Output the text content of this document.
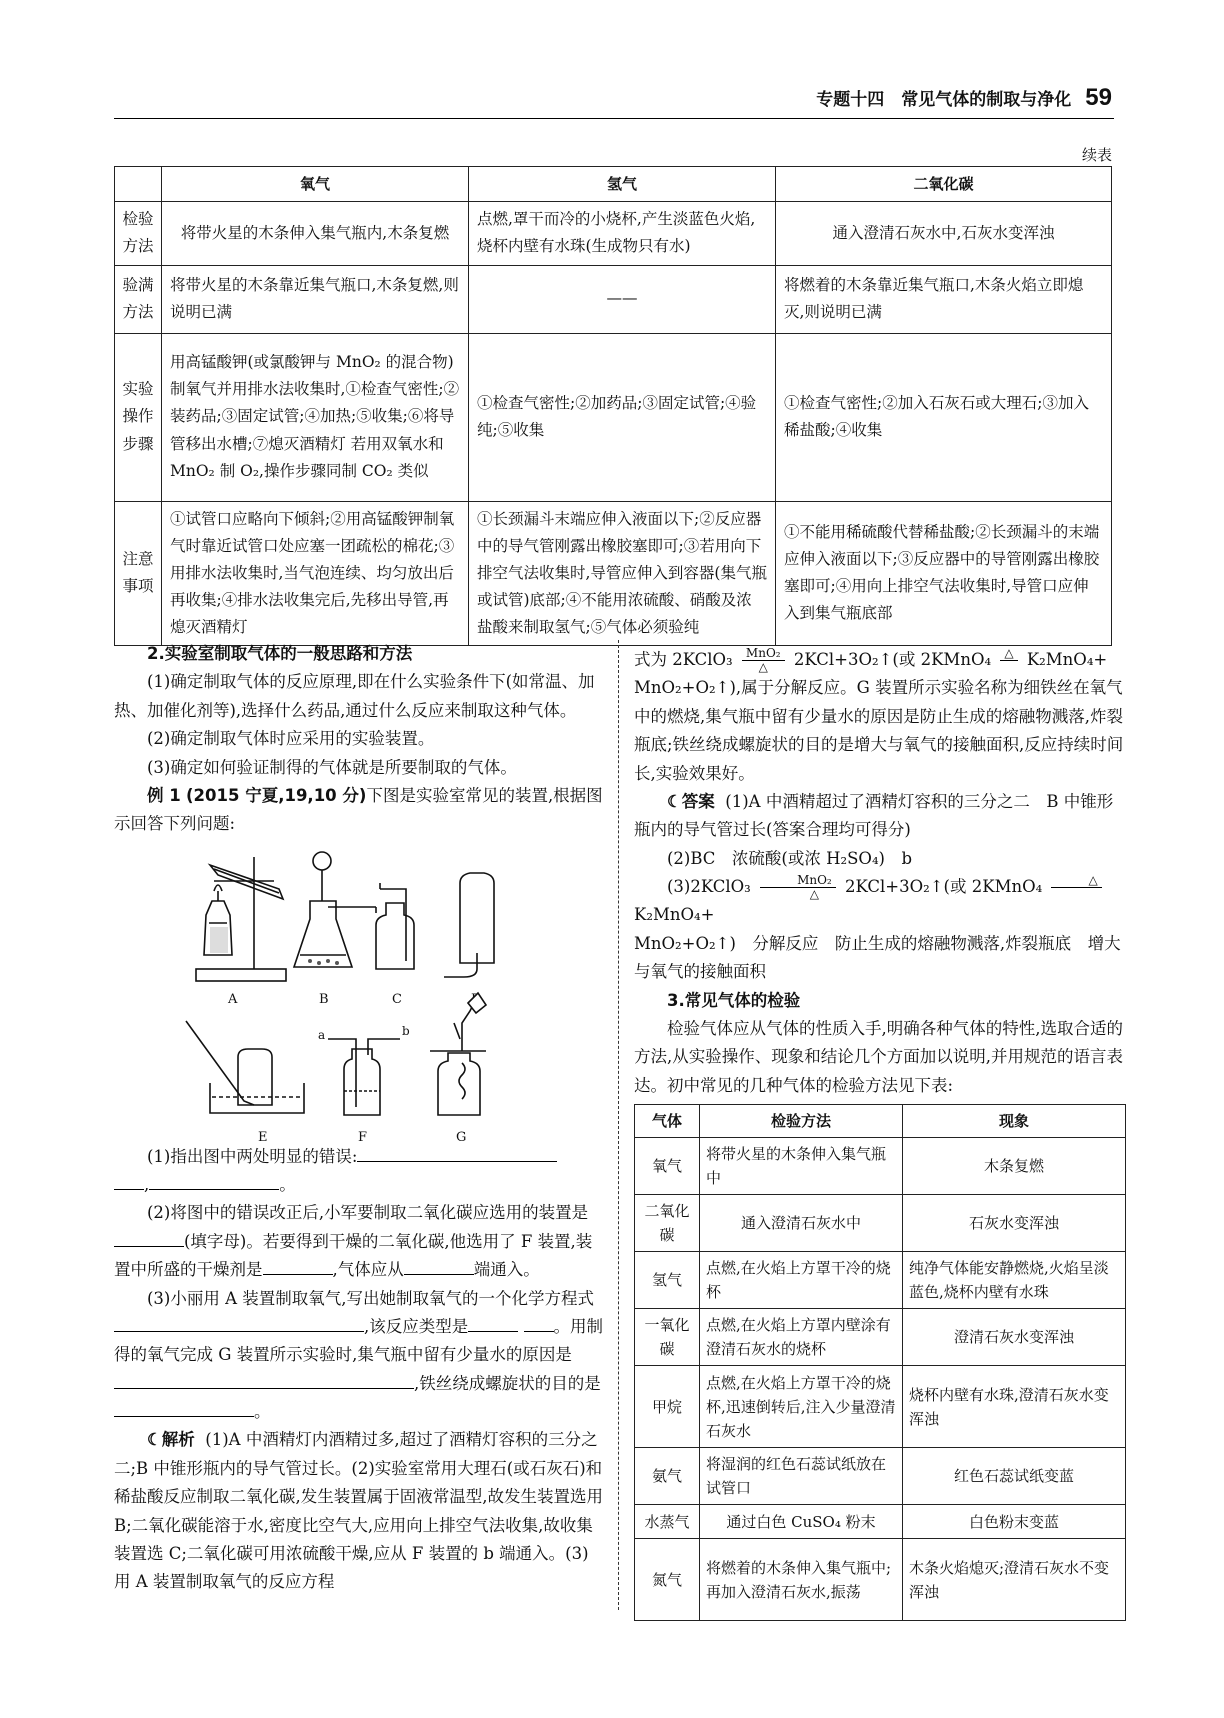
专题十四　常见气体的制取与净化 59
续表
	氧气	氢气	二氧化碳
检验方法	将带火星的木条伸入集气瓶内,木条复燃	点燃,罩干而冷的小烧杯,产生淡蓝色火焰,烧杯内壁有水珠(生成物只有水)	通入澄清石灰水中,石灰水变浑浊
验满方法	将带火星的木条靠近集气瓶口,木条复燃,则说明已满	——	将燃着的木条靠近集气瓶口,木条火焰立即熄灭,则说明已满
实验操作步骤	用高锰酸钾(或氯酸钾与 MnO₂ 的混合物)制氧气并用排水法收集时,①检查气密性;②装药品;③固定试管;④加热;⑤收集;⑥将导管移出水槽;⑦熄灭酒精灯 若用双氧水和 MnO₂ 制 O₂,操作步骤同制 CO₂ 类似	①检查气密性;②加药品;③固定试管;④验纯;⑤收集	①检查气密性;②加入石灰石或大理石;③加入稀盐酸;④收集
注意事项	①试管口应略向下倾斜;②用高锰酸钾制氧气时靠近试管口处应塞一团疏松的棉花;③用排水法收集时,当气泡连续、均匀放出后再收集;④排水法收集完后,先移出导管,再熄灭酒精灯	①长颈漏斗末端应伸入液面以下;②反应器中的导气管刚露出橡胶塞即可;③若用向下排空气法收集时,导管应伸入到容器(集气瓶或试管)底部;④不能用浓硫酸、硝酸及浓盐酸来制取氢气;⑤气体必须验纯	①不能用稀硫酸代替稀盐酸;②长颈漏斗的末端应伸入液面以下;③反应器中的导管刚露出橡胶塞即可;④用向上排空气法收集时,导管口应伸入到集气瓶底部

2.实验室制取气体的一般思路和方法

(1)确定制取气体的反应原理,即在什么实验条件下(如常温、加热、加催化剂等),选择什么药品,通过什么反应来制取这种气体。

(2)确定制取气体时应采用的实验装置。

(3)确定如何验证制得的气体就是所要制取的气体。

例 1 (2015 宁夏,19,10 分)下图是实验室常见的装置,根据图示回答下列问题:

A	B	C
a	b
E	F	G

(1)指出图中两处明显的错误:

,	。

(2)将图中的错误改正后,小军要制取二氧化碳应选用的装置是(填字母)。若要得到干燥的二氧化碳,他选用了 F 装置,装置中所盛的干燥剂是	,气体应从	端通入。

(3)小丽用 A 装置制取氧气,写出她制取氧气的一个化学方程式,该反应类型是	。用制得的氧气完成 G 装置所示实验时,集气瓶中留有少量水的原因是,铁丝绕成螺旋状的目的是。

☾解析 (1)A 中酒精灯内酒精过多,超过了酒精灯容积的三分之二;B 中锥形瓶内的导气管过长。(2)实验室常用大理石(或石灰石)和稀盐酸反应制取二氧化碳,发生装置属于固液常温型,故发生装置选用 B;二氧化碳能溶于水,密度比空气大,应用向上排空气法收集,故收集装置选 C;二氧化碳可用浓硫酸干燥,应从 F 装置的 b 端通入。(3)用 A 装置制取氧气的反应方程

式为 2KClO₃ $\frac{\text{MnO₂}}{\triangle}$ 2KCl+3O₂↑(或 2KMnO₄	△
K₂MnO₄+

MnO₂+O₂↑),属于分解反应。G 装置所示实验名称为细铁丝在氧气中的燃烧,集气瓶中留有少量水的原因是防止生成的熔融物溅落,炸裂瓶底;铁丝绕成螺旋状的目的是增大与氧气的接触面积,反应持续时间长,实验效果好。

☾答案 (1)A 中酒精超过了酒精灯容积的三分之二　B 中锥形瓶内的导气管过长(答案合理均可得分)

(2)BC　浓硫酸(或浓 H₂SO₄)　b

(3)2KClO₃ $\frac{\text{MnO₂}}{\triangle}$ 2KCl+3O₂↑(或 2KMnO₄	△

K₂MnO₄+

MnO₂+O₂↑)　分解反应　防止生成的熔融物溅落,炸裂瓶底　增大与氧气的接触面积

3.常见气体的检验

检验气体应从气体的性质入手,明确各种气体的特性,选取合适的方法,从实验操作、现象和结论几个方面加以说明,并用规范的语言表达。初中常见的几种气体的检验方法见下表:

气体	检验方法	现象
氧气	将带火星的木条伸入集气瓶中	木条复燃
二氧化碳	通入澄清石灰水中	石灰水变浑浊
氢气	点燃,在火焰上方罩干冷的烧杯	纯净气体能安静燃烧,火焰呈淡蓝色,烧杯内壁有水珠
一氧化碳	点燃,在火焰上方罩内壁涂有澄清石灰水的烧杯	澄清石灰水变浑浊
甲烷	点燃,在火焰上方罩干冷的烧杯,迅速倒转后,注入少量澄清石灰水	烧杯内壁有水珠,澄清石灰水变浑浊
氨气	将湿润的红色石蕊试纸放在试管口	红色石蕊试纸变蓝
水蒸气	通过白色 CuSO₄ 粉末	白色粉末变蓝
氮气	将燃着的木条伸入集气瓶中;再加入澄清石灰水,振荡	木条火焰熄灭;澄清石灰水不变浑浊
